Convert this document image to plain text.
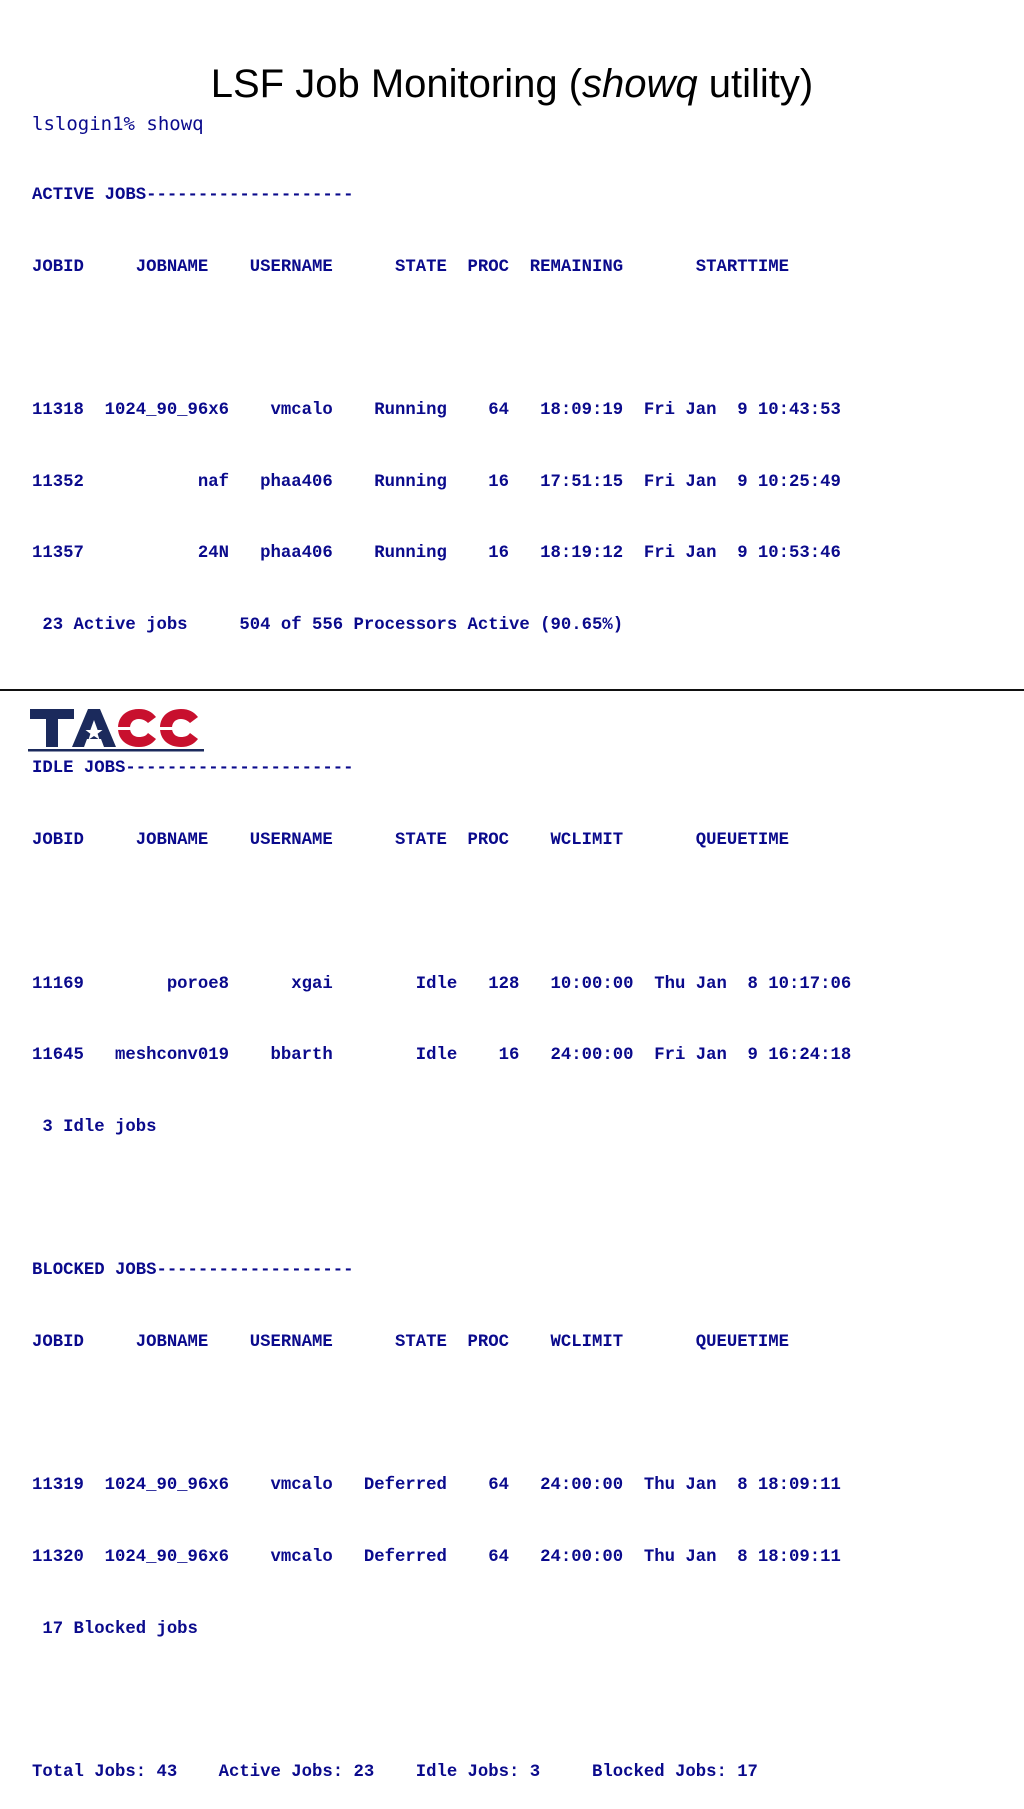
LSF Job Monitoring (showq utility)
lslogin1% showq

ACTIVE JOBS--------------------

JOBID     JOBNAME    USERNAME      STATE  PROC  REMAINING       STARTTIME

11318  1024_90_96x6    vmcalo    Running    64   18:09:19  Fri Jan  9 10:43:53

11352           naf   phaa406    Running    16   17:51:15  Fri Jan  9 10:25:49

11357           24N   phaa406    Running    16   18:19:12  Fri Jan  9 10:53:46

23 Active jobs     504 of 556 Processors Active (90.65%)

IDLE JOBS----------------------

JOBID     JOBNAME    USERNAME      STATE  PROC    WCLIMIT       QUEUETIME

11169        poroe8      xgai        Idle   128   10:00:00  Thu Jan  8 10:17:06

11645   meshconv019    bbarth        Idle    16   24:00:00  Fri Jan  9 16:24:18

3 Idle jobs

BLOCKED JOBS-------------------

JOBID     JOBNAME    USERNAME      STATE  PROC    WCLIMIT       QUEUETIME

11319  1024_90_96x6    vmcalo   Deferred    64   24:00:00  Thu Jan  8 18:09:11

11320  1024_90_96x6    vmcalo   Deferred    64   24:00:00  Thu Jan  8 18:09:11

17 Blocked jobs

Total Jobs: 43    Active Jobs: 23    Idle Jobs: 3     Blocked Jobs: 17
